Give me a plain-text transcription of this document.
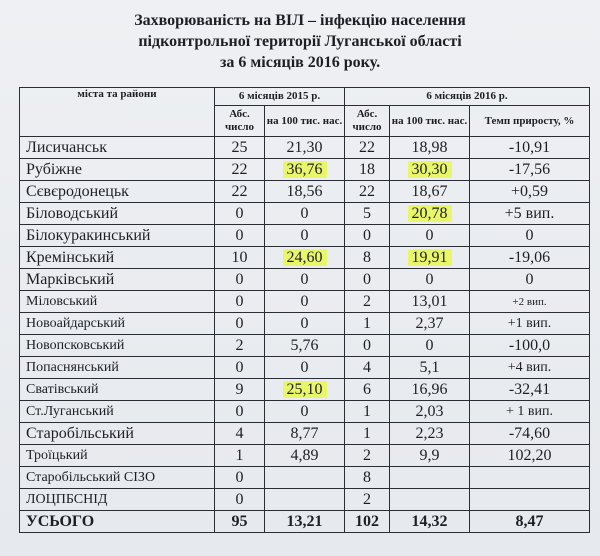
Захворюваність на ВІЛ – інфекцію населення
підконтрольної території Луганської області
за 6 місяців 2016 року.
міста та райони	6 місяців 2015 р.		6 місяців 2016 р.		
	Абс. число	на 100 тис. нас.	Абс. число	на 100 тис. нас.	Темп приросту, %
Лисичанськ	25	21,30	22	18,98	-10,91
Рубіжне	22	36,76	18	30,30	-17,56
Сєвєродонецьк	22	18,56	22	18,67	+0,59
Біловодський	0	0	5	20,78	+5 вип.
Білокуракинський	0	0	0	0	0
Кремінський	10	24,60	8	19,91	-19,06
Марківський	0	0	0	0	0
Міловський	0	0	2	13,01	+2 вип.
Новоайдарський	0	0	1	2,37	+1 вип.
Новопсковський	2	5,76	0	0	-100,0
Попаснянський	0	0	4	5,1	+4 вип.
Сватівський	9	25,10	6	16,96	-32,41
Ст.Луганський	0	0	1	2,03	+ 1 вип.
Старобільський	4	8,77	1	2,23	-74,60
Троїцький	1	4,89	2	9,9	102,20
Старобільський СІЗО	0		8		
ЛОЦПБСНІД	0		2		
УСЬОГО	95	13,21	102	14,32	8,47
